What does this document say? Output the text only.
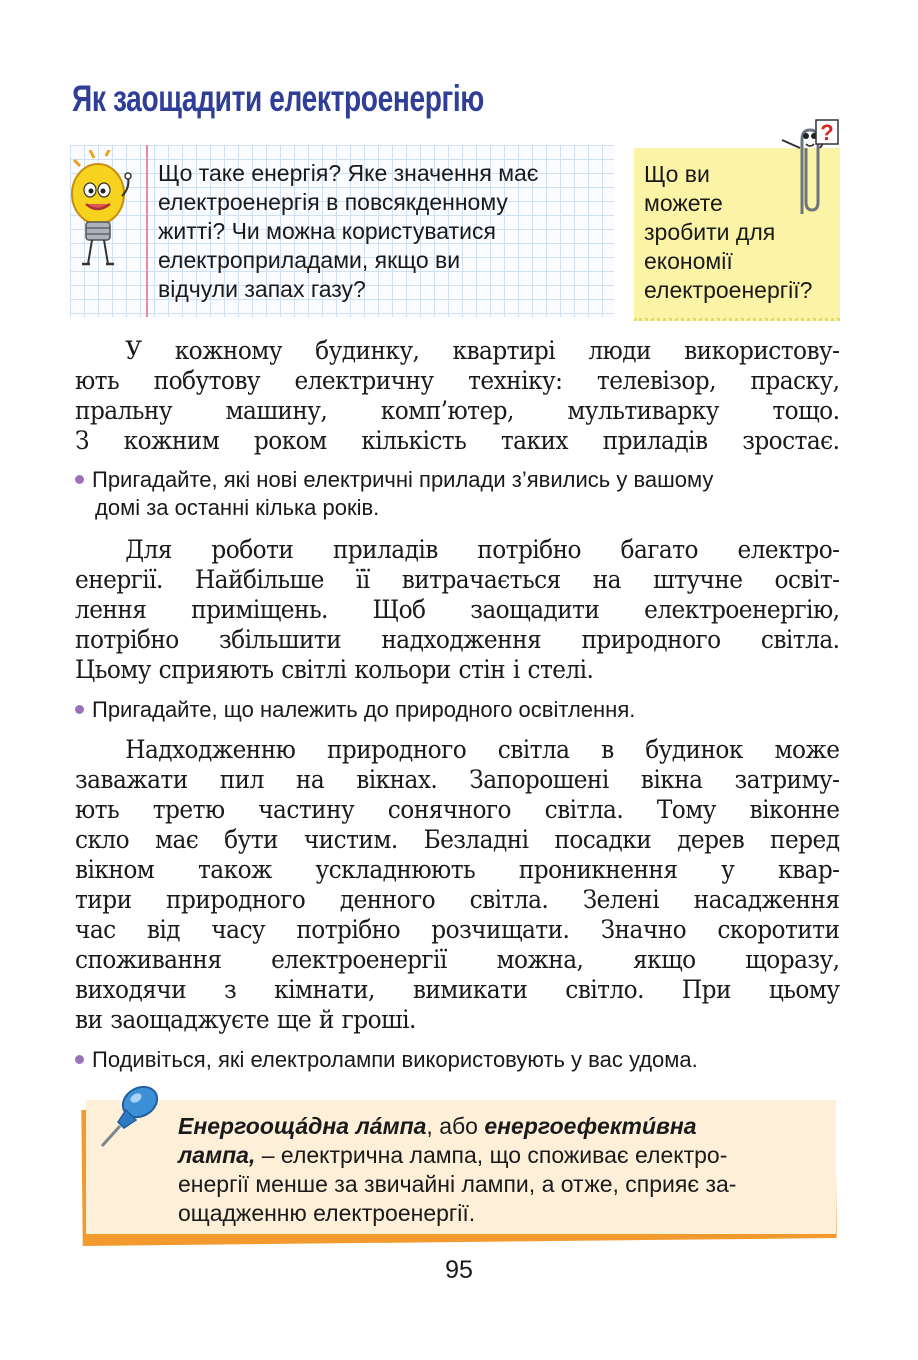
Як заощадити електроенергію
Що таке енергія? Яке значення має
електроенергія в повсякденному
житті? Чи можна користуватися
електроприладами, якщо ви
відчули запах газу?
Що ви
можете
зробити для
економії
електроенергії?
?
У кожному будинку, квартирі люди використову-
ють побутову електричну техніку: телевізор, праску,
пральну машину, комп’ютер, мультиварку тощо.
З кожним роком кількість таких приладів зростає.
Пригадайте, які нові електричні прилади з’явились у вашому
домі за останні кілька років.
Для роботи приладів потрібно багато електро-
енергії. Найбільше її витрачається на штучне освіт-
лення приміщень. Щоб заощадити електроенергію,
потрібно збільшити надходження природного світла.
Цьому сприяють світлі кольори стін і стелі.
Пригадайте, що належить до природного освітлення.
Надходженню природного світла в будинок може
заважати пил на вікнах. Запорошені вікна затриму-
ють третю частину сонячного світла. Тому віконне
скло має бути чистим. Безладні посадки дерев перед
вікном також ускладнюють проникнення у квар-
тири природного денного світла. Зелені насадження
час від часу потрібно розчищати. Значно скоротити
споживання електроенергії можна, якщо щоразу,
виходячи з кімнати, вимикати світло. При цьому
ви заощаджуєте ще й гроші.
Подивіться, які електролампи використовують у вас удома.
Енергоощáдна лáмпа, або енергоефектúвна
лампа, – електрична лампа, що споживає електро-
енергії менше за звичайні лампи, а отже, сприяє за-
ощадженню електроенергії.
95
